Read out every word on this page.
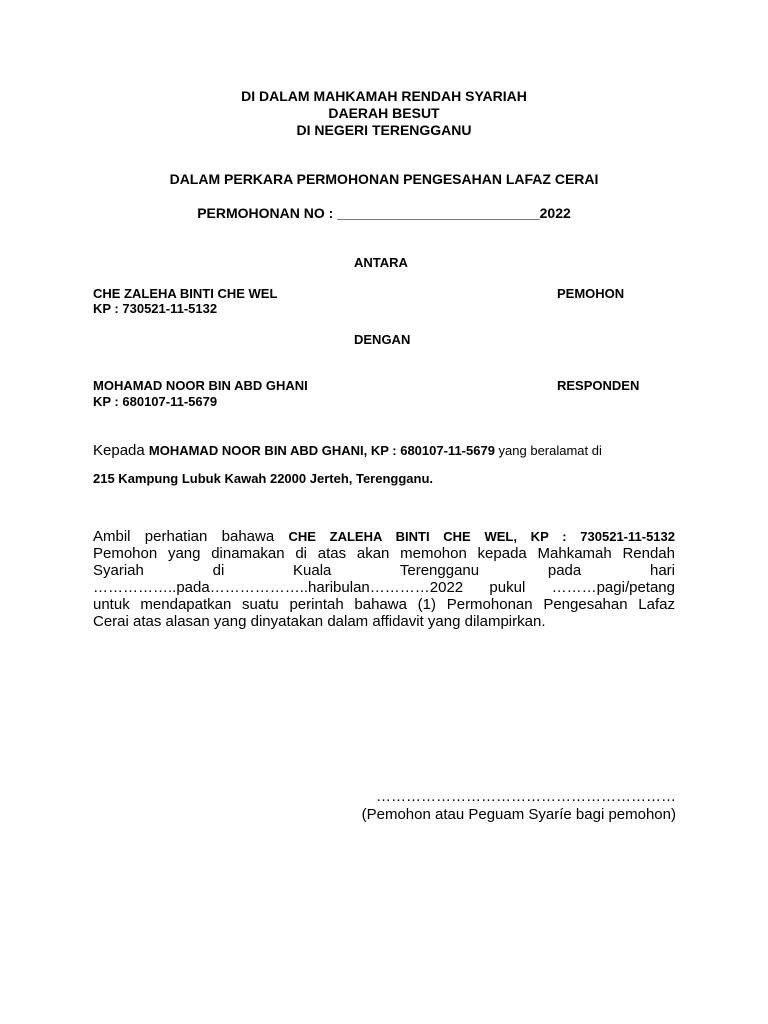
DI DALAM MAHKAMAH RENDAH SYARIAH
DAERAH BESUT
DI NEGERI TERENGGANU
DALAM PERKARA PERMOHONAN PENGESAHAN LAFAZ CERAI
PERMOHONAN NO : __________________________2022
ANTARA
CHE ZALEHA BINTI CHE WEL	PEMOHON
KP : 730521-11-5132
DENGAN
MOHAMAD NOOR BIN ABD GHANI	RESPONDEN
KP : 680107-11-5679
Kepada MOHAMAD NOOR BIN ABD GHANI, KP : 680107-11-5679 yang beralamat di
215 Kampung Lubuk Kawah 22000 Jerteh, Terengganu.
Ambil perhatian bahawa CHE ZALEHA BINTI CHE WEL, KP : 730521-11-5132
Pemohon yang dinamakan di atas akan memohon kepada Mahkamah Rendah
Syariah di Kuala Terengganu pada hari
……………..pada………………..haribulan…………2022 pukul ………pagi/petang
untuk mendapatkan suatu perintah bahawa (1) Permohonan Pengesahan Lafaz
Cerai atas alasan yang dinyatakan dalam affidavit yang dilampirkan.
……………………………………………………
(Pemohon atau Peguam Syaríe bagi pemohon)
